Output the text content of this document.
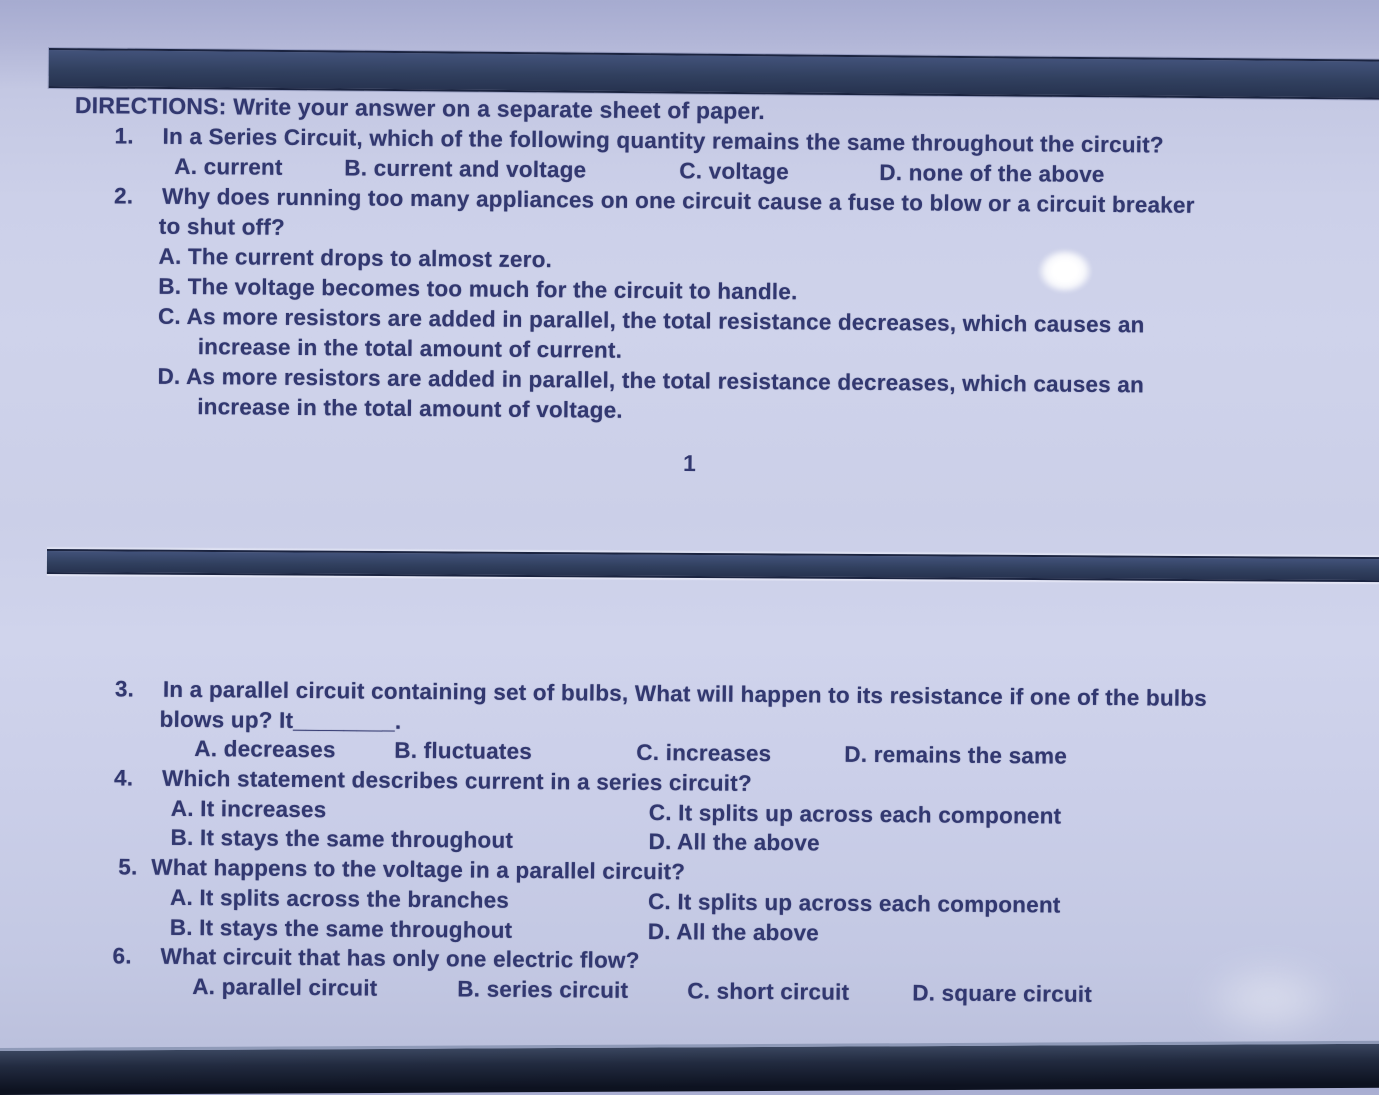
DIRECTIONS: Write your answer on a separate sheet of paper.
1. In a Series Circuit, which of the following quantity remains the same throughout the circuit?
A. current	B. current and voltage	C. voltage	D. none of the above
2. Why does running too many appliances on one circuit cause a fuse to blow or a circuit breaker
to shut off?
A. The current drops to almost zero.
B. The voltage becomes too much for the circuit to handle.
C. As more resistors are added in parallel, the total resistance decreases, which causes an
increase in the total amount of current.
D. As more resistors are added in parallel, the total resistance decreases, which causes an
increase in the total amount of voltage.
1
3. In a parallel circuit containing set of bulbs, What will happen to its resistance if one of the bulbs
blows up? It________.
A. decreases	B. fluctuates	C. increases	D. remains the same
4. Which statement describes current in a series circuit?
A. It increases	C. It splits up across each component
B. It stays the same throughout	D. All the above
5. What happens to the voltage in a parallel circuit?
A. It splits across the branches	C. It splits up across each component
B. It stays the same throughout	D. All the above
6. What circuit that has only one electric flow?
A. parallel circuit	B. series circuit	C. short circuit	D. square circuit
